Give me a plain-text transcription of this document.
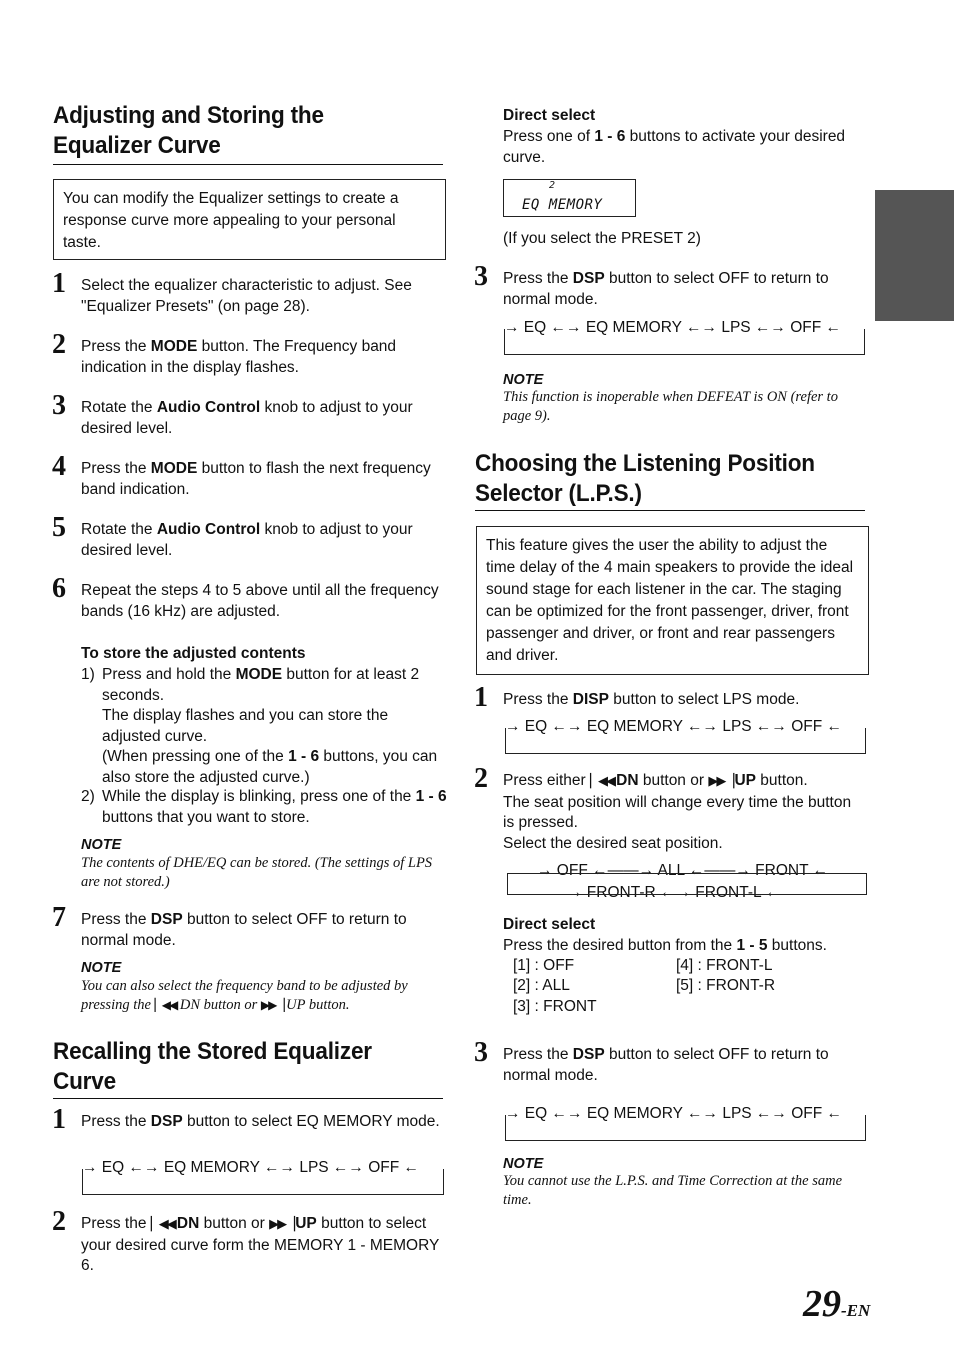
Adjusting and Storing the
Equalizer Curve
You can modify the Equalizer settings to create a response curve more appealing to your personal taste.
1 Select the equalizer characteristic to adjust. See "Equalizer Presets" (on page 28).
2 Press the MODE button. The Frequency band indication in the display flashes.
3 Rotate the Audio Control knob to adjust to your desired level.
4 Press the MODE button to flash the next frequency band indication.
5 Rotate the Audio Control knob to adjust to your desired level.
6 Repeat the steps 4 to 5 above until all the frequency bands (16 kHz) are adjusted.
To store the adjusted contents
1) Press and hold the MODE button for at least 2 seconds.
The display flashes and you can store the adjusted curve.
(When pressing one of the 1 - 6 buttons, you can also store the adjusted curve.)
2) While the display is blinking, press one of the 1 - 6 buttons that you want to store.
NOTE
The contents of DHE/EQ can be stored. (The settings of LPS are not stored.)
7 Press the DSP button to select OFF to return to normal mode.
NOTE
You can also select the frequency band to be adjusted by pressing the ▏◀◀ DN button or ▶▶▕ UP button.
Recalling the Stored Equalizer
Curve
1 Press the DSP button to select EQ MEMORY mode.
→ EQ ←→ EQ MEMORY ←→ LPS ←→ OFF ←
2 Press the ▏◀◀ DN button or ▶▶▕ UP button to select your desired curve form the MEMORY 1 - MEMORY 6.
Direct select
Press one of 1 - 6 buttons to activate your desired curve.
2
EQ MEMORY
(If you select the PRESET 2)
3 Press the DSP button to select OFF to return to normal mode.
→ EQ ←→ EQ MEMORY ←→ LPS ←→ OFF ←
NOTE
This function is inoperable when DEFEAT is ON (refer to page 9).
Choosing the Listening Position
Selector (L.P.S.)
This feature gives the user the ability to adjust the time delay of the 4 main speakers to provide the ideal sound stage for each listener in the car. The staging can be optimized for the front passenger, driver, front passenger and driver, or front and rear passengers and driver.
1 Press the DISP button to select LPS mode.
→ EQ ←→ EQ MEMORY ←→ LPS ←→ OFF ←
2 Press either ▏◀◀ DN button or ▶▶▕ UP button.
The seat position will change every time the button is pressed.
Select the desired seat position.
→ OFF ←——→ ALL ←——→ FRONT ←
→ FRONT-R ←→ FRONT-L ←
Direct select
Press the desired button from the 1 - 5 buttons.
[1] : OFF
[2] : ALL
[3] : FRONT
[4] : FRONT-L
[5] : FRONT-R
3 Press the DSP button to select OFF to return to normal mode.
→ EQ ←→ EQ MEMORY ←→ LPS ←→ OFF ←
NOTE
You cannot use the L.P.S. and Time Correction at the same time.
29-EN
